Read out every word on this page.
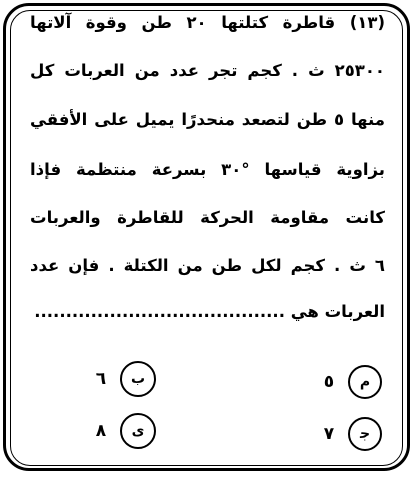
(١٣) قاطرة كتلتها ٢٠ طن وقوة آلاتها
٢٥٣٠٠ ث . كجم تجر عدد من العربات كل
منها ٥ طن لتصعد منحدرًا يميل على الأفقي
بزاوية قياسها °٣٠ بسرعة منتظمة فإذا
كانت مقاومة الحركة للقاطرة والعربات
٦ ث . كجم لكل طن من الكتلة . فإن عدد
العربات هي ........................................
م ٥
ب ٦
ﺟ ٧
ى ٨
